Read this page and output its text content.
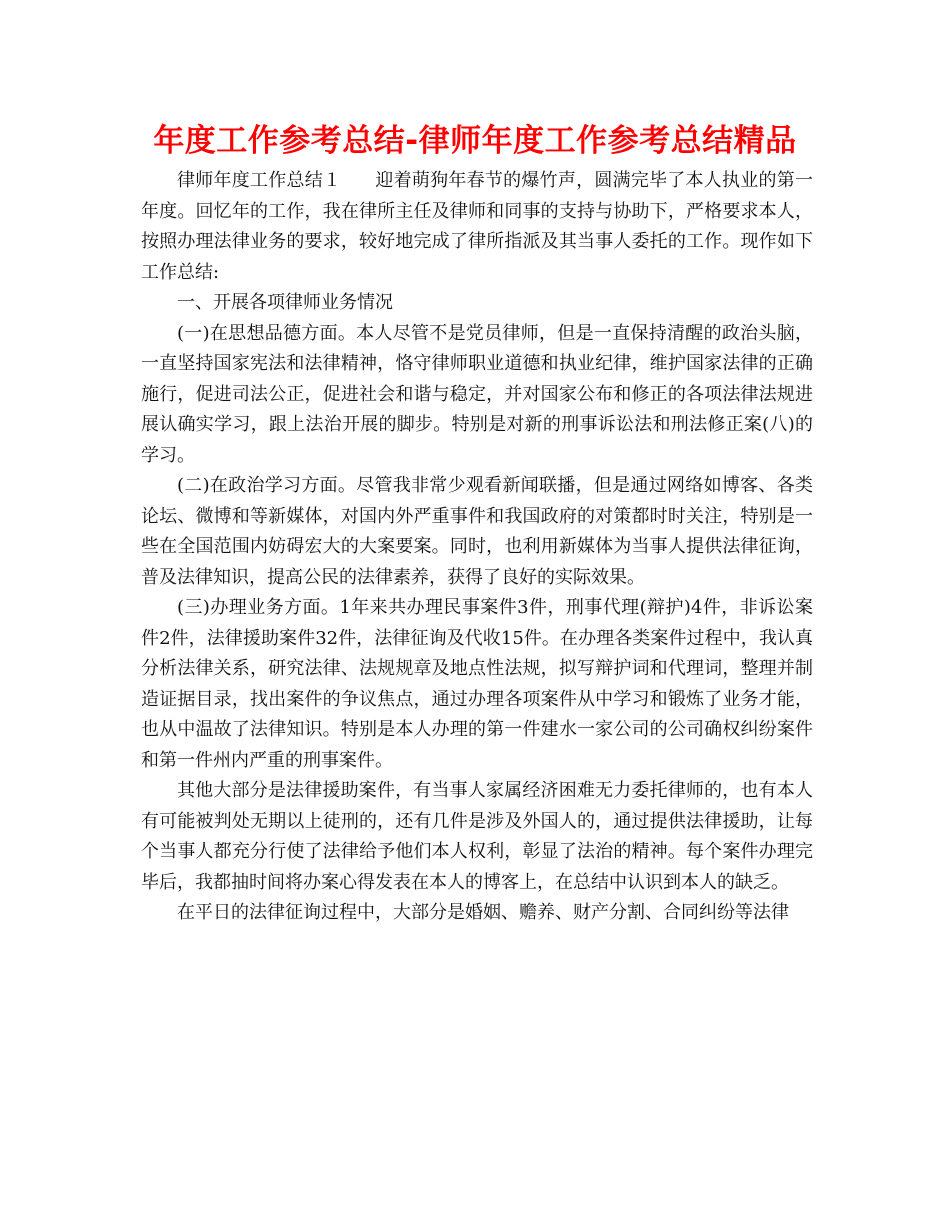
年度工作参考总结-律师年度工作参考总结精品

律师年度工作总结１ 迎着萌狗年春节的爆竹声，圆满完毕了本人执业的第一年度。回忆年的工作，我在律所主任及律师和同事的支持与协助下，严格要求本人，按照办理法律业务的要求，较好地完成了律所指派及其当事人委托的工作。现作如下工作总结:

一、开展各项律师业务情况

(一)在思想品德方面。本人尽管不是党员律师，但是一直保持清醒的政治头脑，一直坚持国家宪法和法律精神，恪守律师职业道德和执业纪律，维护国家法律的正确施行，促进司法公正，促进社会和谐与稳定，并对国家公布和修正的各项法律法规进展认确实学习，跟上法治开展的脚步。特别是对新的刑事诉讼法和刑法修正案(八)的学习。

(二)在政治学习方面。尽管我非常少观看新闻联播，但是通过网络如博客、各类论坛、微博和等新媒体，对国内外严重事件和我国政府的对策都时时关注，特别是一些在全国范围内妨碍宏大的大案要案。同时，也利用新媒体为当事人提供法律征询，普及法律知识，提高公民的法律素养，获得了良好的实际效果。

(三)办理业务方面。1年来共办理民事案件3件，刑事代理(辩护)4件，非诉讼案件2件，法律援助案件32件，法律征询及代收15件。在办理各类案件过程中，我认真分析法律关系，研究法律、法规规章及地点性法规，拟写辩护词和代理词，整理并制造证据目录，找出案件的争议焦点，通过办理各项案件从中学习和锻炼了业务才能，也从中温故了法律知识。特别是本人办理的第一件建水一家公司的公司确权纠纷案件和第一件州内严重的刑事案件。

其他大部分是法律援助案件，有当事人家属经济困难无力委托律师的，也有本人有可能被判处无期以上徒刑的，还有几件是涉及外国人的，通过提供法律援助，让每个当事人都充分行使了法律给予他们本人权利，彰显了法治的精神。每个案件办理完毕后，我都抽时间将办案心得发表在本人的博客上，在总结中认识到本人的缺乏。

在平日的法律征询过程中，大部分是婚姻、赡养、财产分割、合同纠纷等法律
